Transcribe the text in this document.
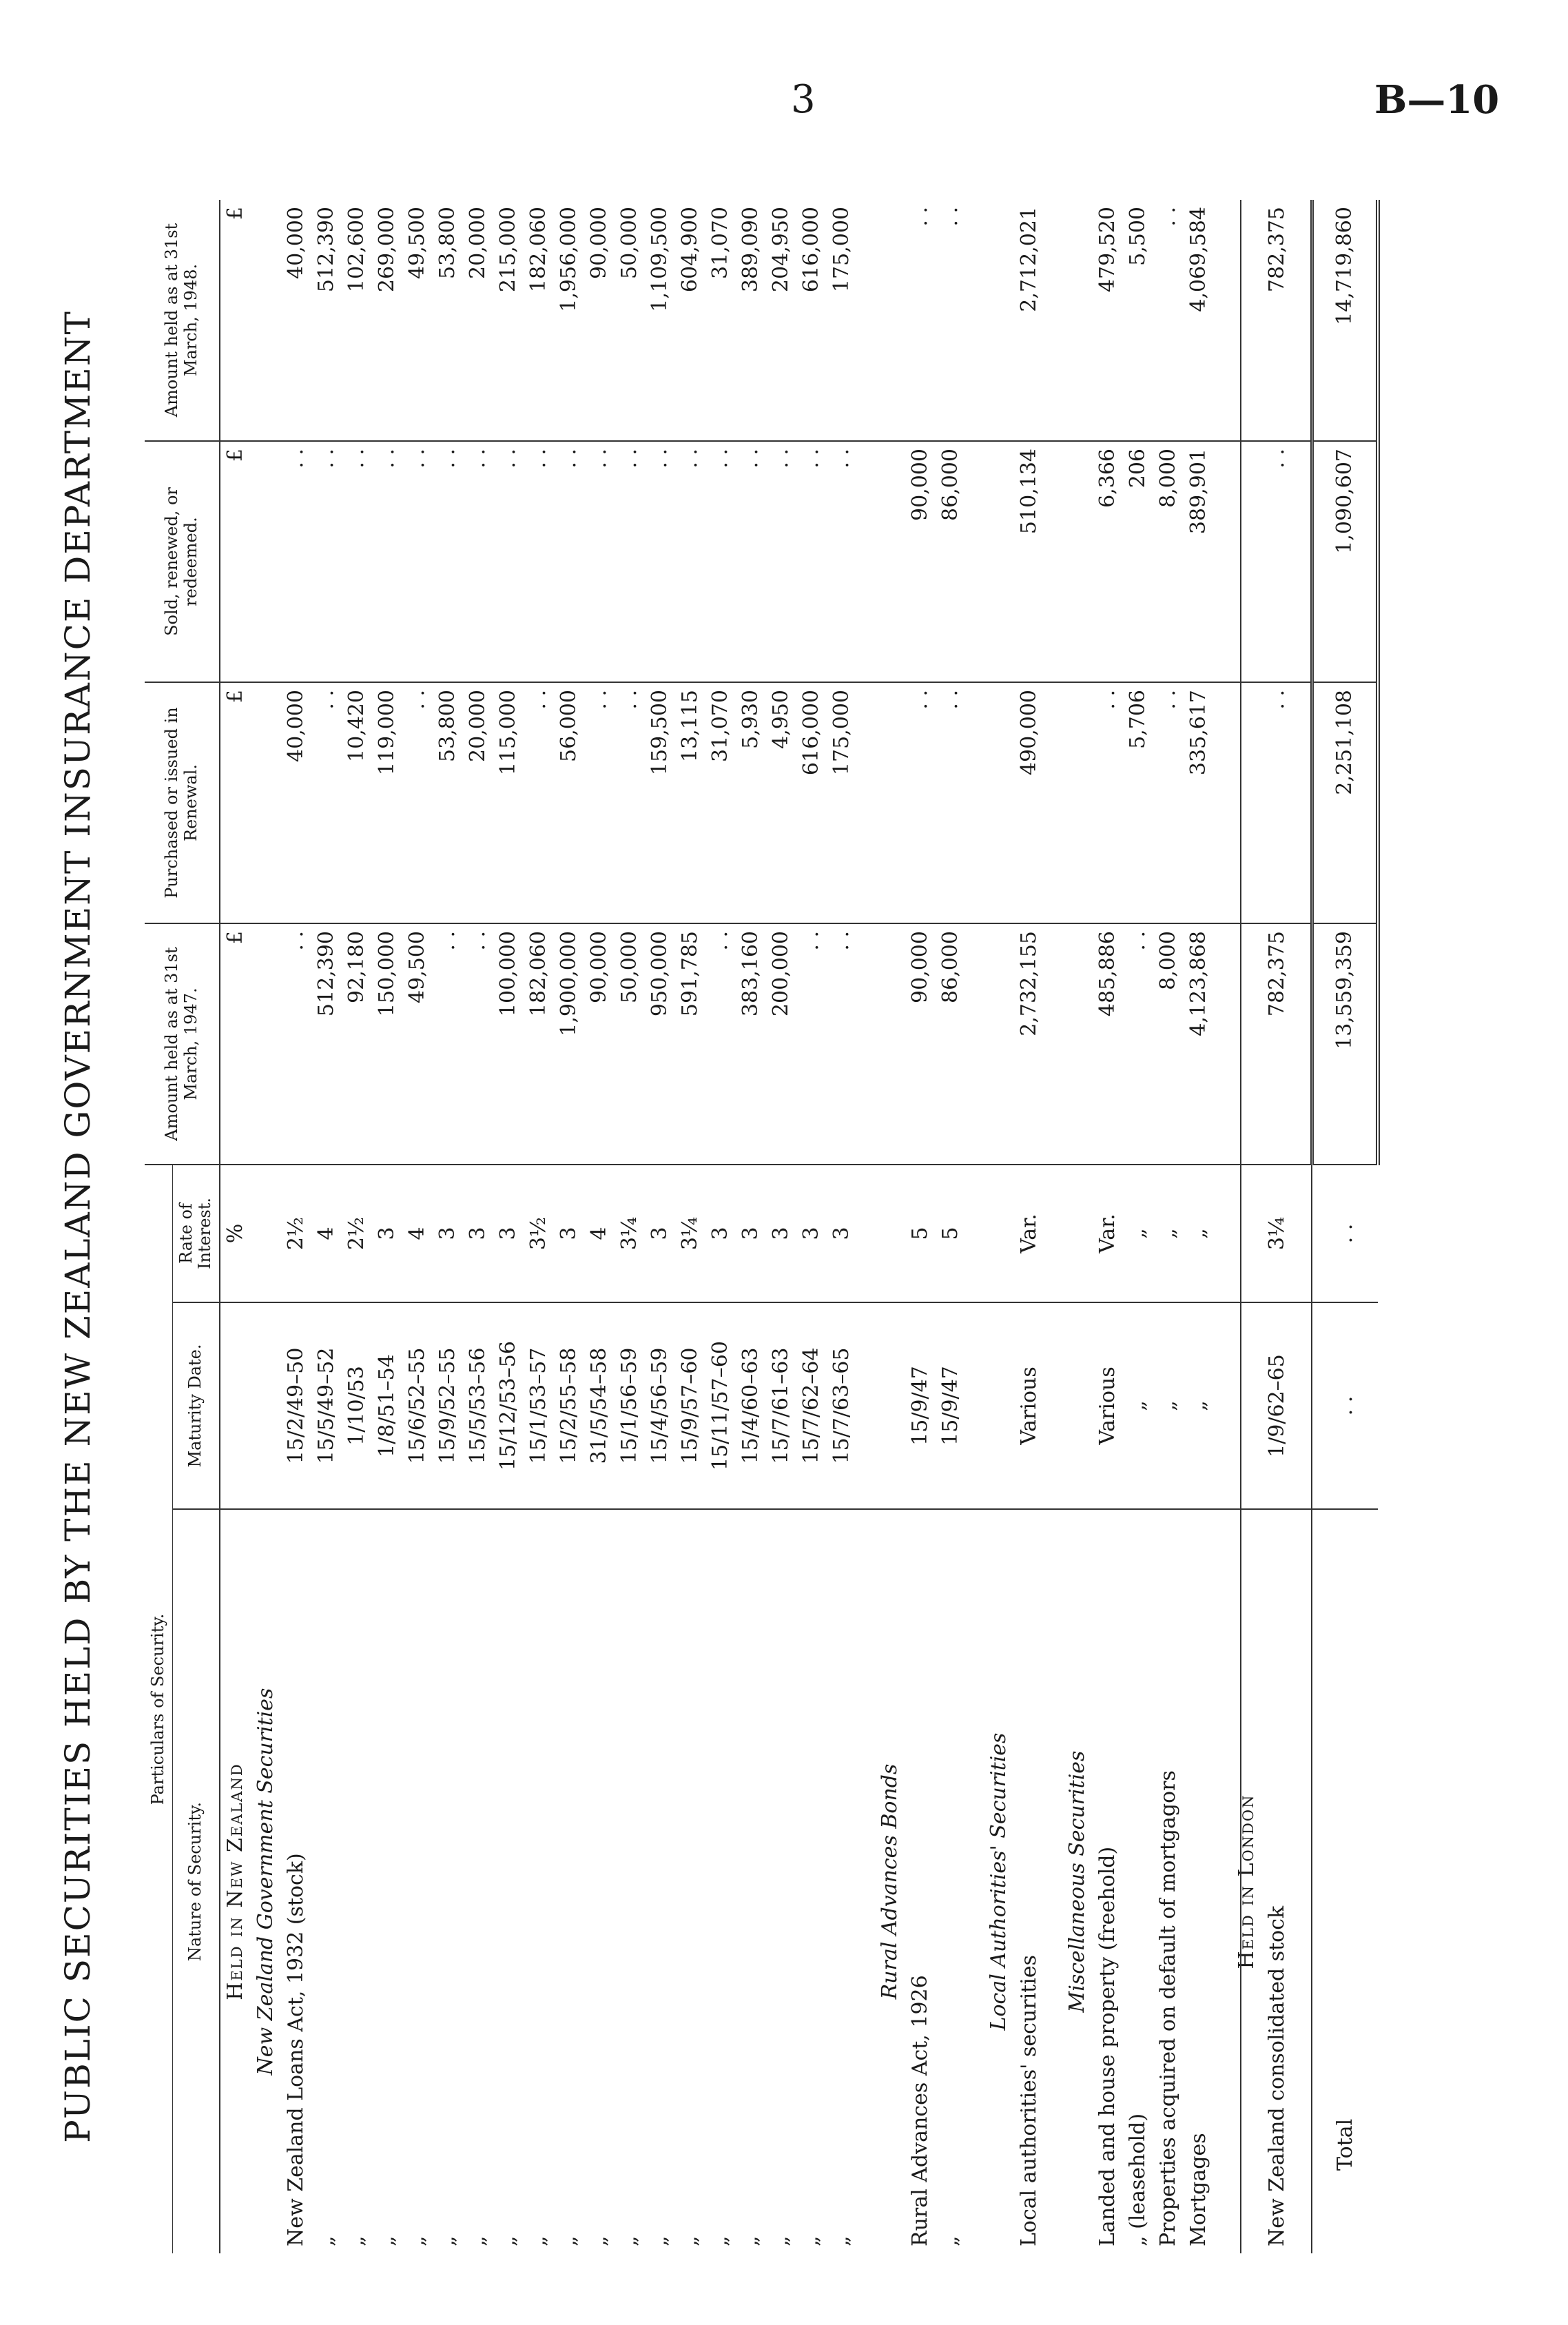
3	B—10
PUBLIC SECURITIES HELD BY THE NEW ZEALAND GOVERNMENT INSURANCE DEPARTMENT	Particulars of Security.			Amount held as at 31st March, 1947.	Purchased or issued in Renewal.	Sold, renewed, or redeemed.	Amount held as at 31st March, 1948.
Nature of Security.	Maturity Date.	Rate of Interest.				
Held in New Zealand		%	£	£	£	£
New Zealand Government Securities						
New Zealand Loans Act, 1932 (stock)	15/2/49–50	2½	. .	40,000	. .	40,000
„	15/5/49–52	4	512,390	. .	. .	512,390
„	1/10/53	2½	92,180	10,420	. .	102,600
„	1/8/51–54	3	150,000	119,000	. .	269,000
„	15/6/52–55	4	49,500	. .	. .	49,500
„	15/9/52–55	3	. .	53,800	. .	53,800
„	15/5/53–56	3	. .	20,000	. .	20,000
„	15/12/53–56	3	100,000	115,000	. .	215,000
„	15/1/53–57	3½	182,060	. .	. .	182,060
„	15/2/55–58	3	1,900,000	56,000	. .	1,956,000
„	31/5/54–58	4	90,000	. .	. .	90,000
„	15/1/56–59	3¼	50,000	. .	. .	50,000
„	15/4/56–59	3	950,000	159,500	. .	1,109,500
„	15/9/57–60	3¼	591,785	13,115	. .	604,900
„	15/11/57–60	3	. .	31,070	. .	31,070
„	15/4/60–63	3	383,160	5,930	. .	389,090
„	15/7/61–63	3	200,000	4,950	. .	204,950
„	15/7/62–64	3	. .	616,000	. .	616,000
„	15/7/63–65	3	. .	175,000	. .	175,000

Rural Advances Bonds						
Rural Advances Act, 1926	15/9/47	5	90,000	. .	90,000	. .
„	15/9/47	5	86,000	. .	86,000	. .

Local Authorities' Securities						
Local authorities' securities	Various	Var.	2,732,155	490,000	510,134	2,712,021

Miscellaneous Securities						
Landed and house property (freehold)	Various	Var.	485,886	. .	6,366	479,520
„ (leasehold)	„	„	. .	5,706	206	5,500
Properties acquired on default of mortgagors	„	„	8,000	. .	8,000	. .
Mortgages	„	„	4,123,868	335,617	389,901	4,069,584

Held in London						
New Zealand consolidated stock	1/9/62–65	3¼	782,375	. .	. .	782,375

Total	. .	. .	13,559,359	2,251,108	1,090,607	14,719,860
